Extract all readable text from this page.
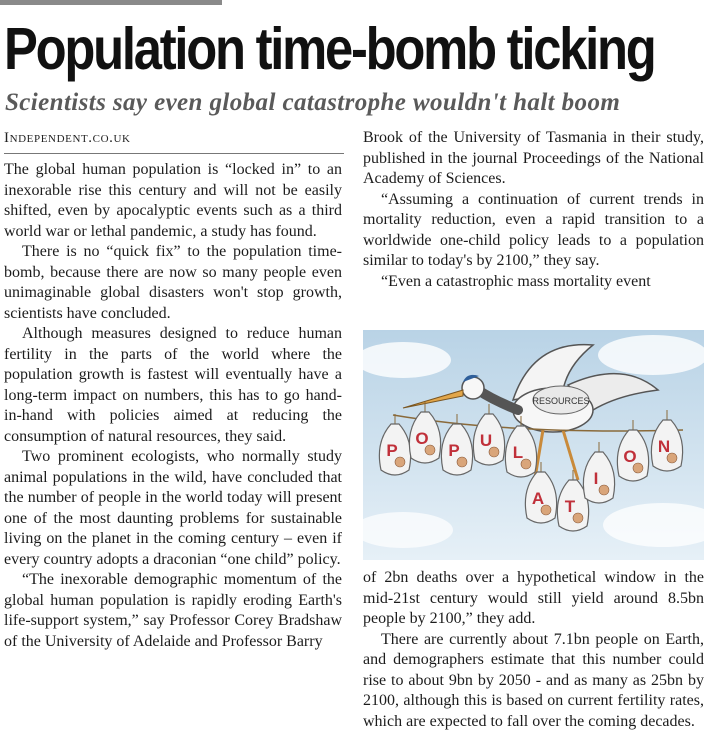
Population time-bomb ticking
Scientists say even global catastrophe wouldn't halt boom
Independent.co.uk

The global human population is “locked in” to an inexorable rise this century and will not be easily shifted, even by apocalyptic events such as a third world war or lethal pandemic, a study has found.

There is no “quick fix” to the population time-bomb, because there are now so many people even unimaginable global disasters won't stop growth, scientists have concluded.

Although measures designed to reduce human fertility in the parts of the world where the population growth is fastest will eventually have a long-term impact on numbers, this has to go hand-in-hand with policies aimed at reducing the consumption of natural resources, they said.

Two prominent ecologists, who normally study animal populations in the wild, have concluded that the number of people in the world today will present one of the most daunting problems for sustainable living on the planet in the coming century – even if every country adopts a draconian “one child” policy.

“The inexorable demographic momentum of the global human population is rapidly eroding Earth's life-support system,” say Professor Corey Bradshaw of the University of Adelaide and Professor Barry

Brook of the University of Tasmania in their study, published in the journal Proceedings of the National Academy of Sciences.

“Assuming a continuation of current trends in mortality reduction, even a rapid transition to a worldwide one-child policy leads to a population similar to today's by 2100,” they say.

“Even a catastrophic mass mortality event

RESOURCES
P
O
P
U
L
A T
I
O
N

of 2bn deaths over a hypothetical window in the mid-21st century would still yield around 8.5bn people by 2100,” they add.

There are currently about 7.1bn people on Earth, and demographers estimate that this number could rise to about 9bn by 2050 - and as many as 25bn by 2100, although this is based on current fertility rates, which are expected to fall over the coming decades.
